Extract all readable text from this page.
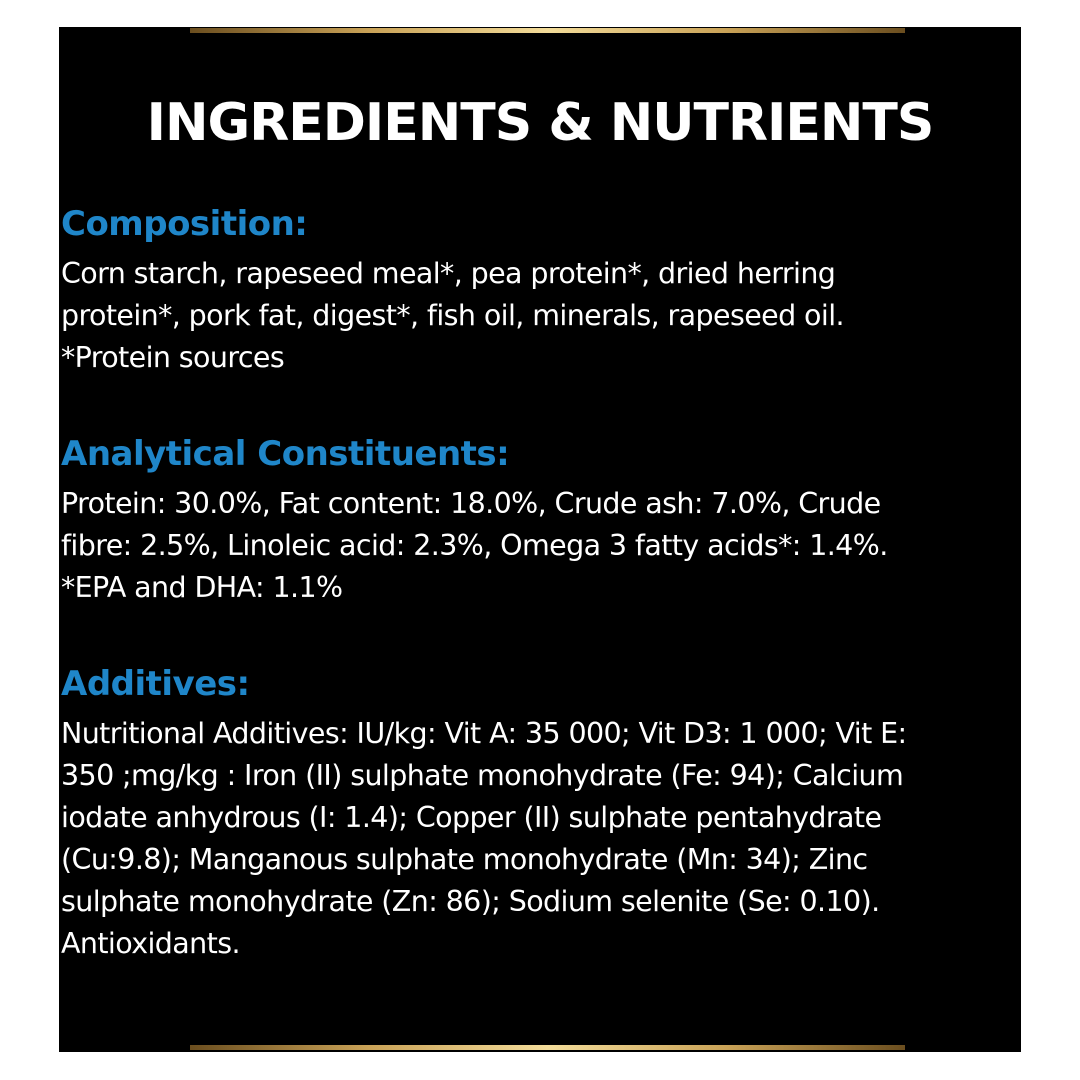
INGREDIENTS & NUTRIENTS
Composition:

Corn starch, rapeseed meal*, pea protein*, dried herring
protein*, pork fat, digest*, fish oil, minerals, rapeseed oil.
*Protein sources

Analytical Constituents:

Protein: 30.0%, Fat content: 18.0%, Crude ash: 7.0%, Crude
fibre: 2.5%, Linoleic acid: 2.3%, Omega 3 fatty acids*: 1.4%.
*EPA and DHA: 1.1%

Additives:

Nutritional Additives: IU/kg: Vit A: 35 000; Vit D3: 1 000; Vit E:
350 ;mg/kg : Iron (II) sulphate monohydrate (Fe: 94); Calcium
iodate anhydrous (I: 1.4); Copper (II) sulphate pentahydrate
(Cu:9.8); Manganous sulphate monohydrate (Mn: 34); Zinc
sulphate monohydrate (Zn: 86); Sodium selenite (Se: 0.10).
Antioxidants.
